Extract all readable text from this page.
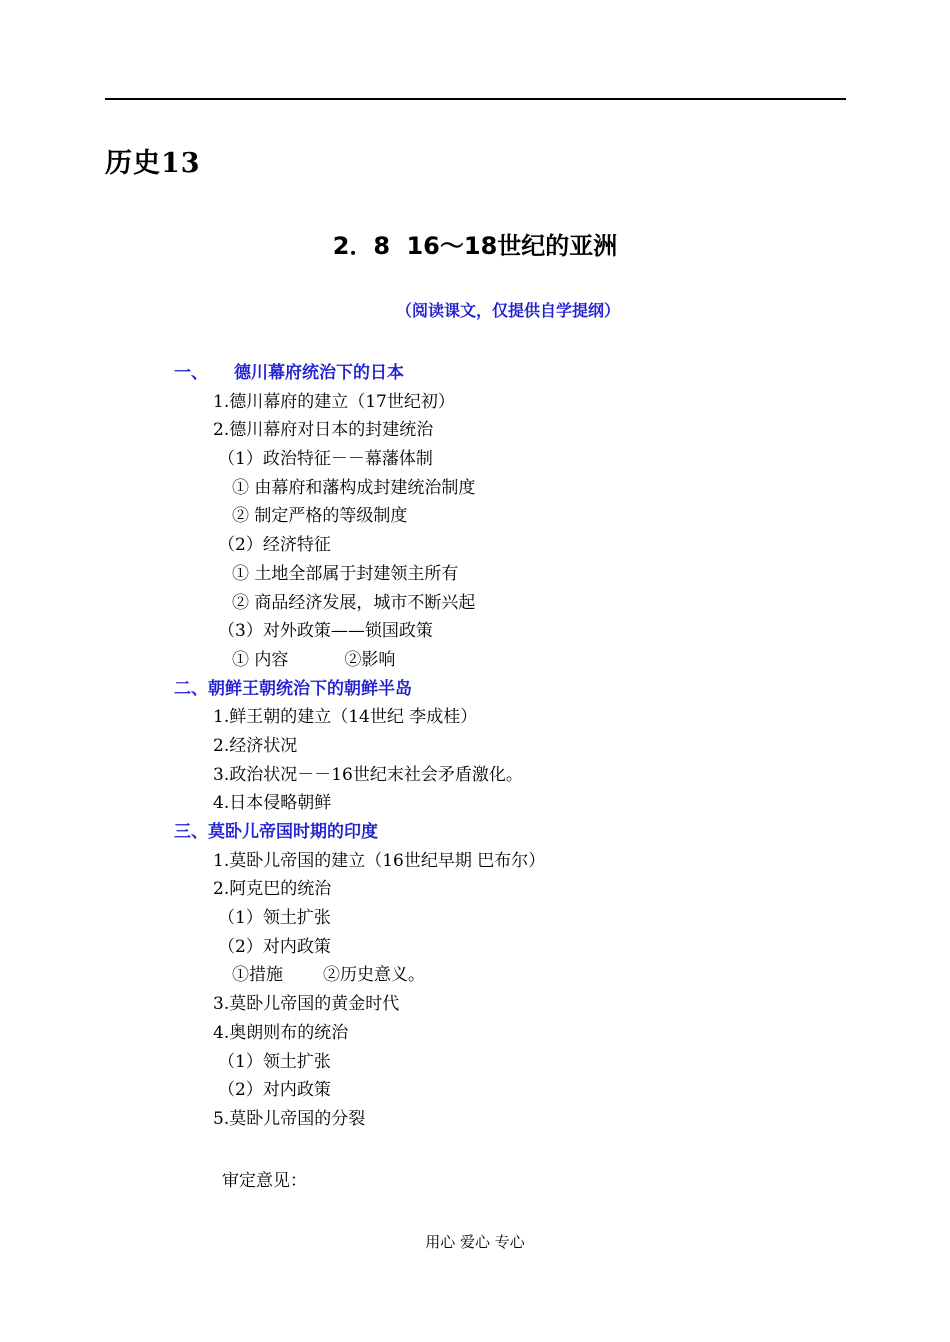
历史13
2．8 16～18世纪的亚洲
（阅读课文，仅提供自学提纲）
一、 德川幕府统治下的日本
1.德川幕府的建立（17世纪初）
2.德川幕府对日本的封建统治
（1）政治特征－－幕藩体制
① 由幕府和藩构成封建统治制度
② 制定严格的等级制度
（2）经济特征
① 土地全部属于封建领主所有
② 商品经济发展，城市不断兴起
（3）对外政策——锁国政策
① 内容	②影响
二、朝鲜王朝统治下的朝鲜半岛
1.鲜王朝的建立（14世纪 李成桂）
2.经济状况
3.政治状况－－16世纪末社会矛盾激化。
4.日本侵略朝鲜
三、莫卧儿帝国时期的印度
1.莫卧儿帝国的建立（16世纪早期 巴布尔）
2.阿克巴的统治
（1）领土扩张
（2）对内政策
①措施 ②历史意义。
3.莫卧儿帝国的黄金时代
4.奥朗则布的统治
（1）领土扩张
（2）对内政策
5.莫卧儿帝国的分裂
审定意见：
用心 爱心 专心
